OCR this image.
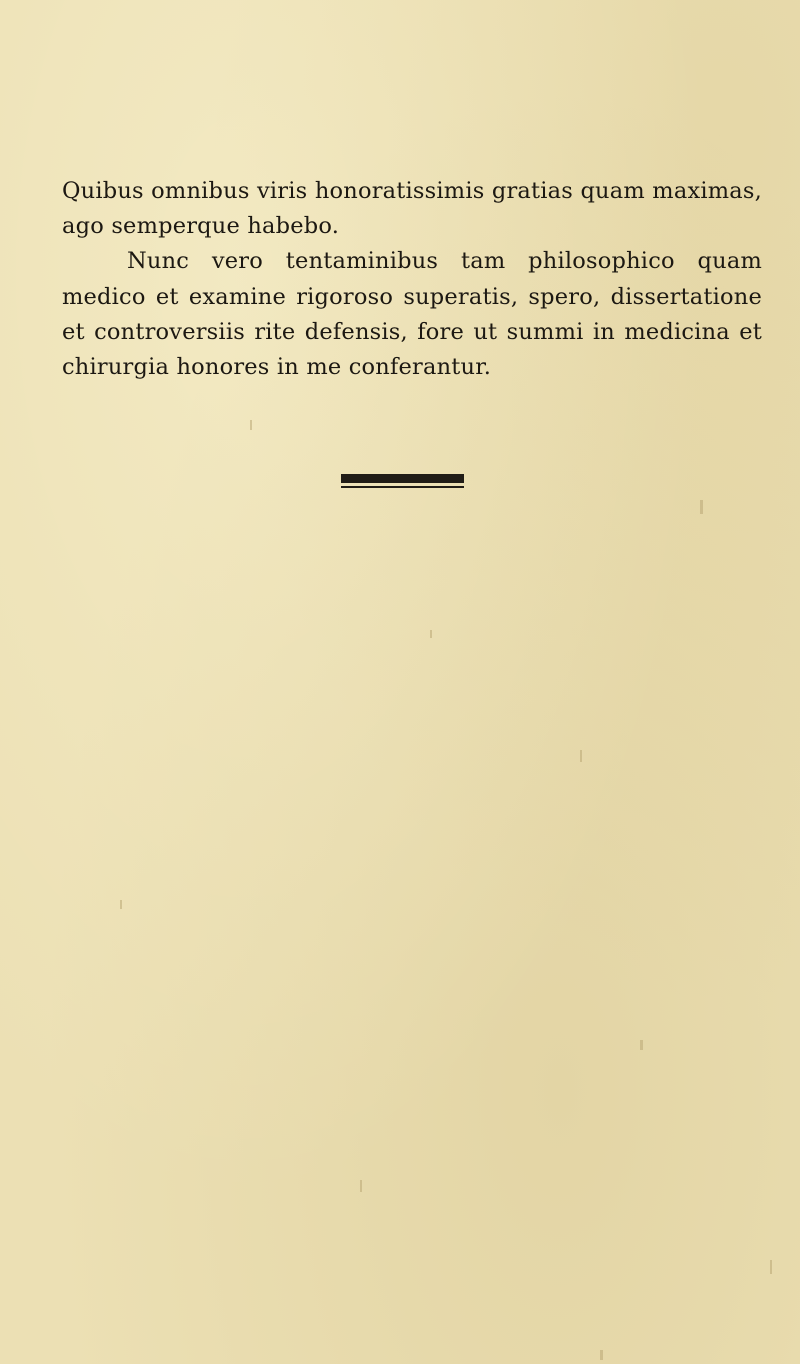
Quibus omnibus viris honoratissimis gratias quam maximas, ago semperque habebo.

Nunc vero tentaminibus tam philosophico quam medico et examine rigoroso superatis, spero, dissertatione et controversiis rite defensis, fore ut summi in medicina et chirurgia honores in me conferantur.
